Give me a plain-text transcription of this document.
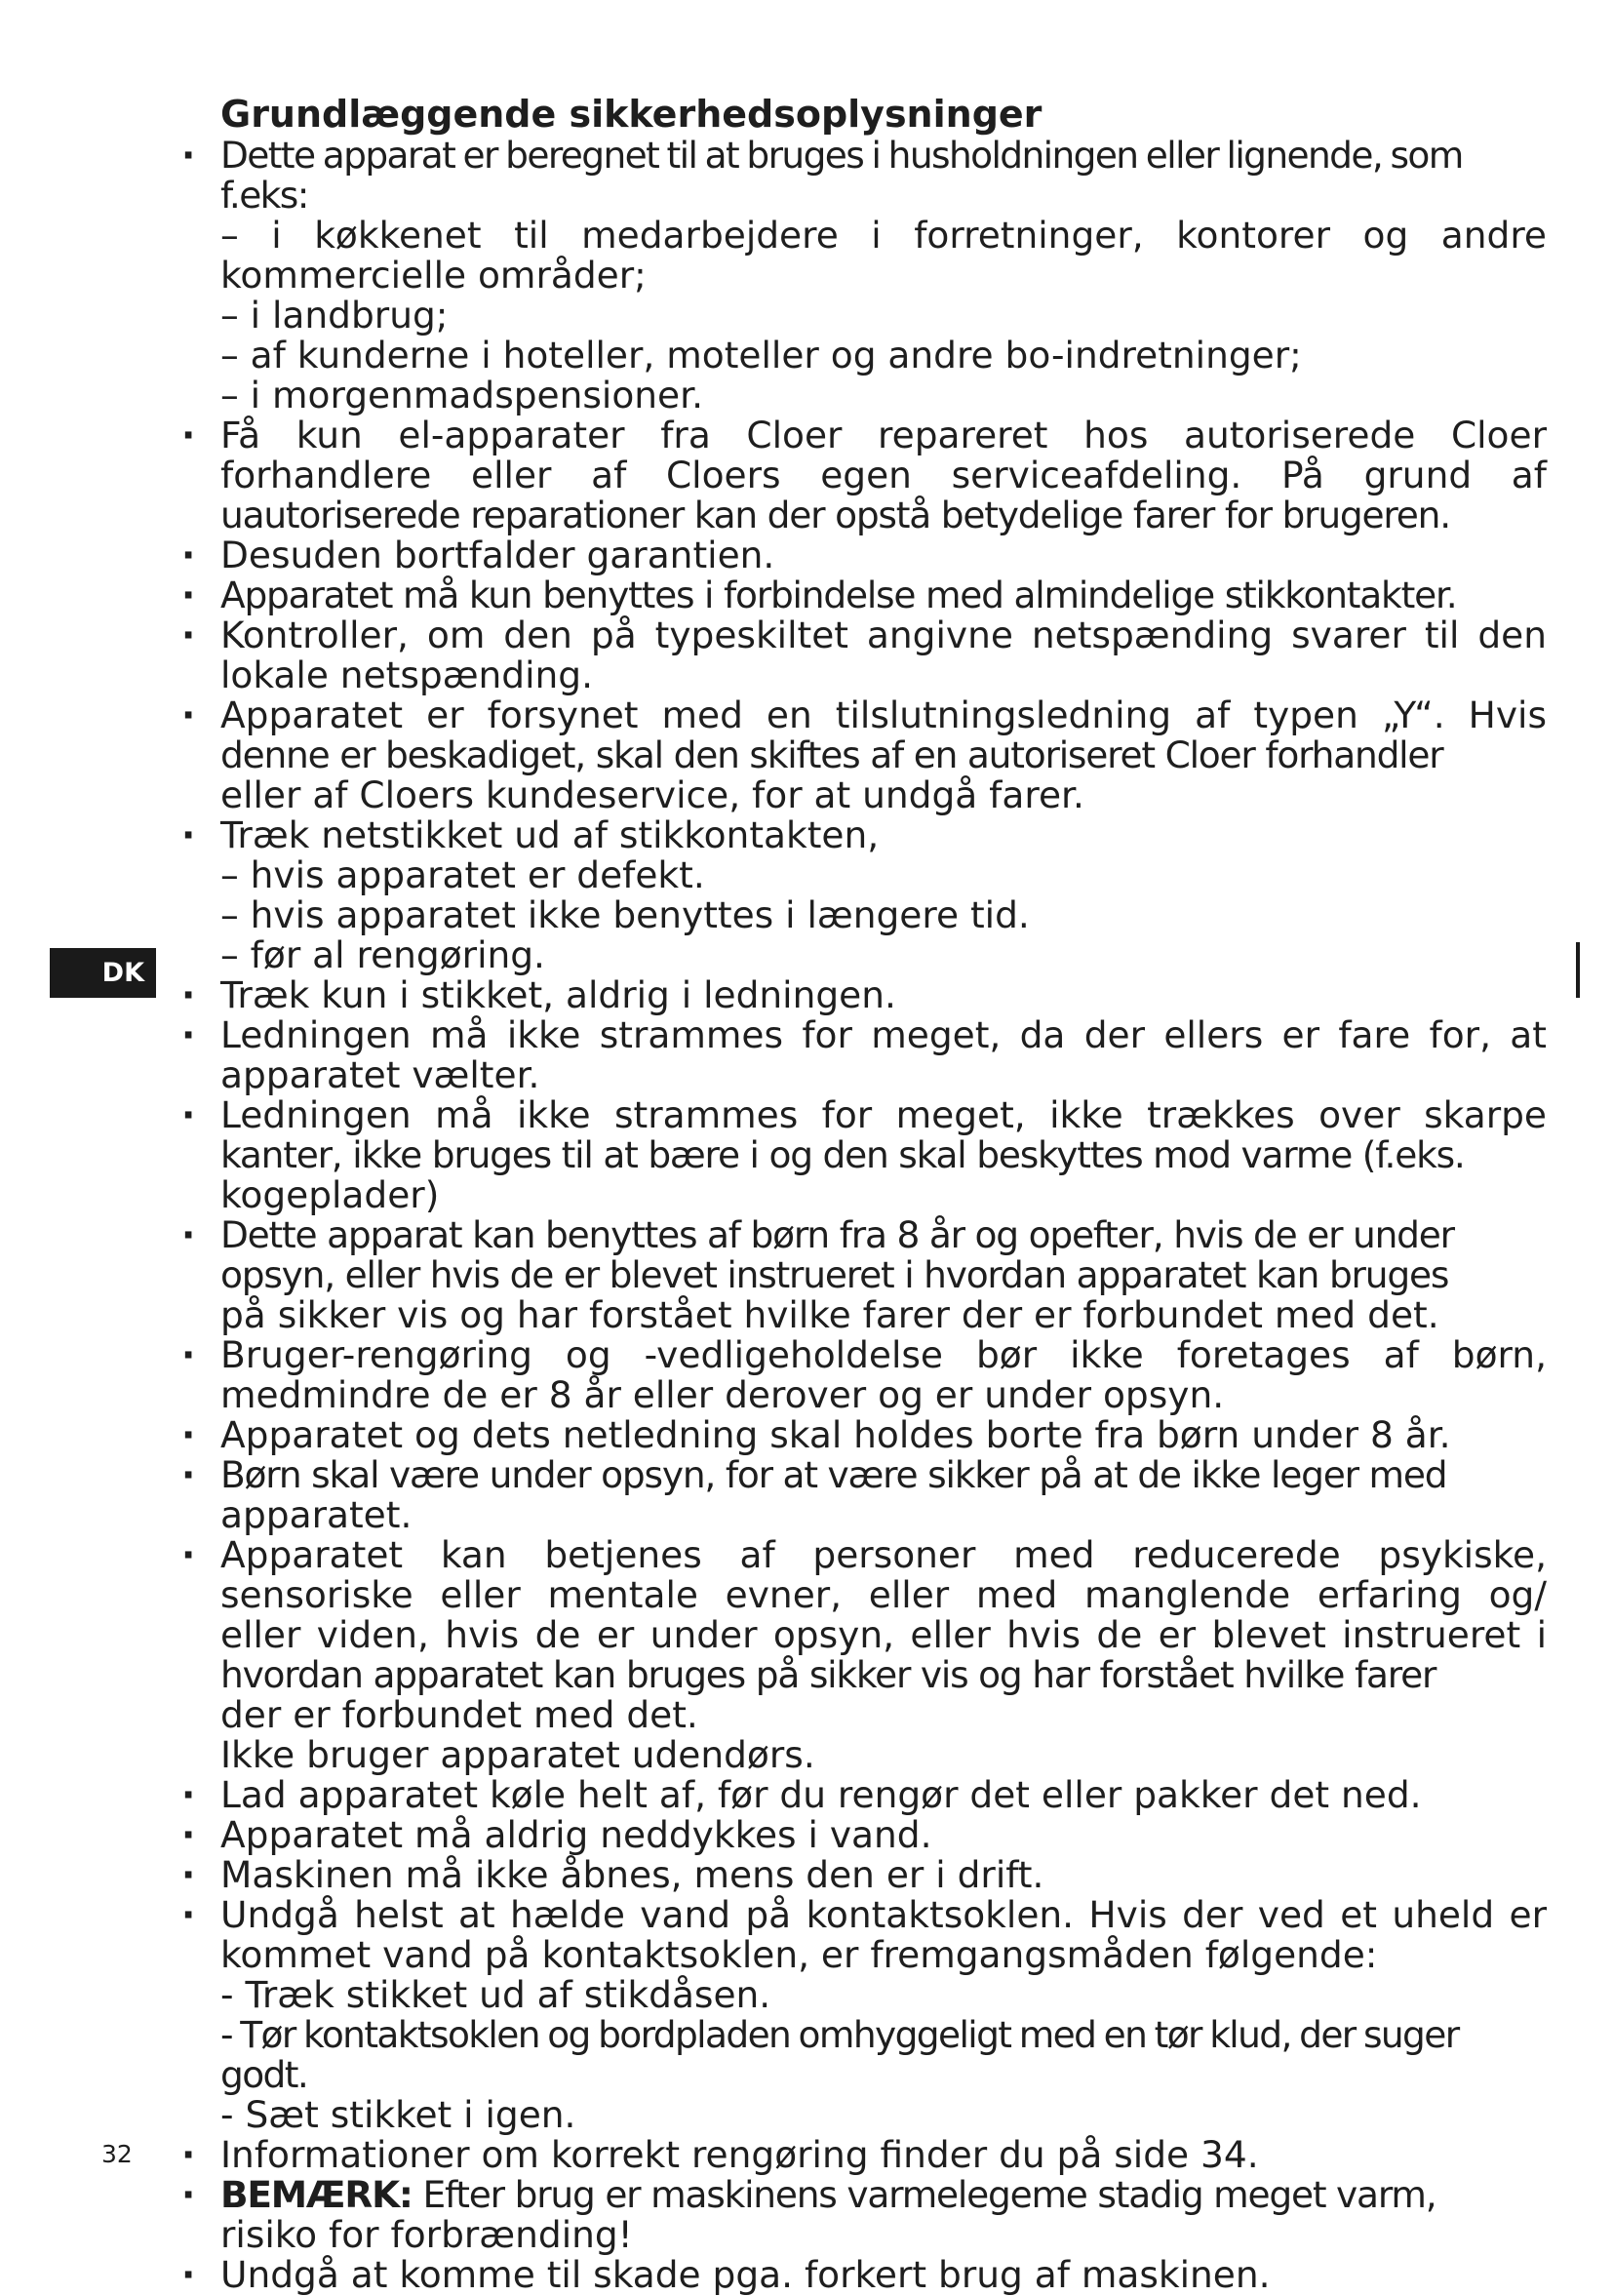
Grundlæggende sikkerhedsoplysninger
· Dette apparat er beregnet til at bruges i husholdningen eller lignende, som f.eks:
– i køkkenet til medarbejdere i forretninger, kontorer og andre
kommercielle områder;
– i landbrug;
– af kunderne i hoteller, moteller og andre bo-indretninger;
– i morgenmadspensioner.
· Få kun el-apparater fra Cloer repareret hos autoriserede Cloer
forhandlere eller af Cloers egen serviceafdeling. På grund af
uautoriserede reparationer kan der opstå betydelige farer for brugeren.
· Desuden bortfalder garantien.
· Apparatet må kun benyttes i forbindelse med almindelige stikkontakter.
· Kontroller, om den på typeskiltet angivne netspænding svarer til den
lokale netspænding.
· Apparatet er forsynet med en tilslutningsledning af typen „Y“. Hvis
denne er beskadiget, skal den skiftes af en autoriseret Cloer forhandler
eller af Cloers kundeservice, for at undgå farer.
· Træk netstikket ud af stikkontakten,
– hvis apparatet er defekt.
– hvis apparatet ikke benyttes i længere tid.
– før al rengøring.
· Træk kun i stikket, aldrig i ledningen.
· Ledningen må ikke strammes for meget, da der ellers er fare for, at
apparatet vælter.
· Ledningen må ikke strammes for meget, ikke trækkes over skarpe
kanter, ikke bruges til at bære i og den skal beskyttes mod varme (f.eks.
kogeplader)
· Dette apparat kan benyttes af børn fra 8 år og opefter, hvis de er under
opsyn, eller hvis de er blevet instrueret i hvordan apparatet kan bruges
på sikker vis og har forstået hvilke farer der er forbundet med det.
· Bruger-rengøring og -vedligeholdelse bør ikke foretages af børn,
medmindre de er 8 år eller derover og er under opsyn.
· Apparatet og dets netledning skal holdes borte fra børn under 8 år.
· Børn skal være under opsyn, for at være sikker på at de ikke leger med
apparatet.
· Apparatet kan betjenes af personer med reducerede psykiske,
sensoriske eller mentale evner, eller med manglende erfaring og/
eller viden, hvis de er under opsyn, eller hvis de er blevet instrueret i
hvordan apparatet kan bruges på sikker vis og har forstået hvilke farer
der er forbundet med det.
Ikke bruger apparatet udendørs.
· Lad apparatet køle helt af, før du rengør det eller pakker det ned.
· Apparatet må aldrig neddykkes i vand.
· Maskinen må ikke åbnes, mens den er i drift.
· Undgå helst at hælde vand på kontaktsoklen. Hvis der ved et uheld er
kommet vand på kontaktsoklen, er fremgangsmåden følgende:
- Træk stikket ud af stikdåsen.
- Tør kontaktsoklen og bordpladen omhyggeligt med en tør klud, der suger godt.
- Sæt stikket i igen.
· Informationer om korrekt rengøring finder du på side 34.
· BEMÆRK: Efter brug er maskinens varmelegeme stadig meget varm,
risiko for forbrænding!
· Undgå at komme til skade pga. forkert brug af maskinen.
DK
32
